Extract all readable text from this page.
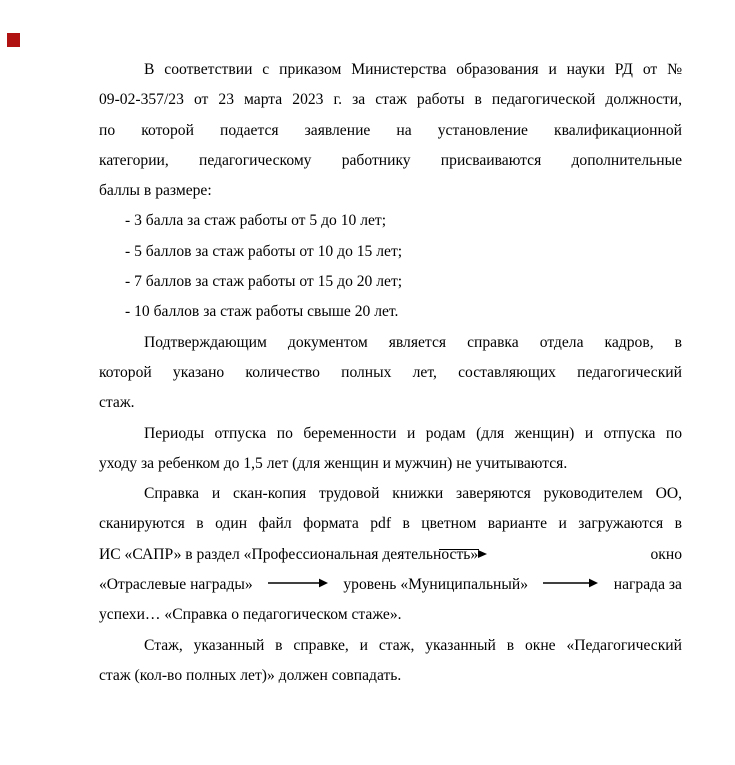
В соответствии с приказом Министерства образования и науки РД от №
09-02-357/23 от 23 марта 2023 г. за стаж работы в педагогической должности,
по которой подается заявление на установление квалификационной
категории, педагогическому работнику присваиваются дополнительные
баллы в размере:
- 3 балла за стаж работы от 5 до 10 лет;
- 5 баллов за стаж работы от 10 до 15 лет;
- 7 баллов за стаж работы от 15 до 20 лет;
- 10 баллов за стаж работы свыше 20 лет.
Подтверждающим документом является справка отдела кадров, в
которой указано количество полных лет, составляющих педагогический
стаж.
Периоды отпуска по беременности и родам (для женщин) и отпуска по
уходу за ребенком до 1,5 лет (для женщин и мужчин) не учитываются.
Справка и скан-копия трудовой книжки заверяются руководителем ОО,
сканируются в один файл формата pdf в цветном варианте и загружаются в
ИС «САПР» в раздел «Профессиональная деятельность»	окно
«Отраслевые награды»	уровень «Муниципальный»	награда за
успехи… «Справка о педагогическом стаже».
Стаж, указанный в справке, и стаж, указанный в окне «Педагогический
стаж (кол-во полных лет)» должен совпадать.
